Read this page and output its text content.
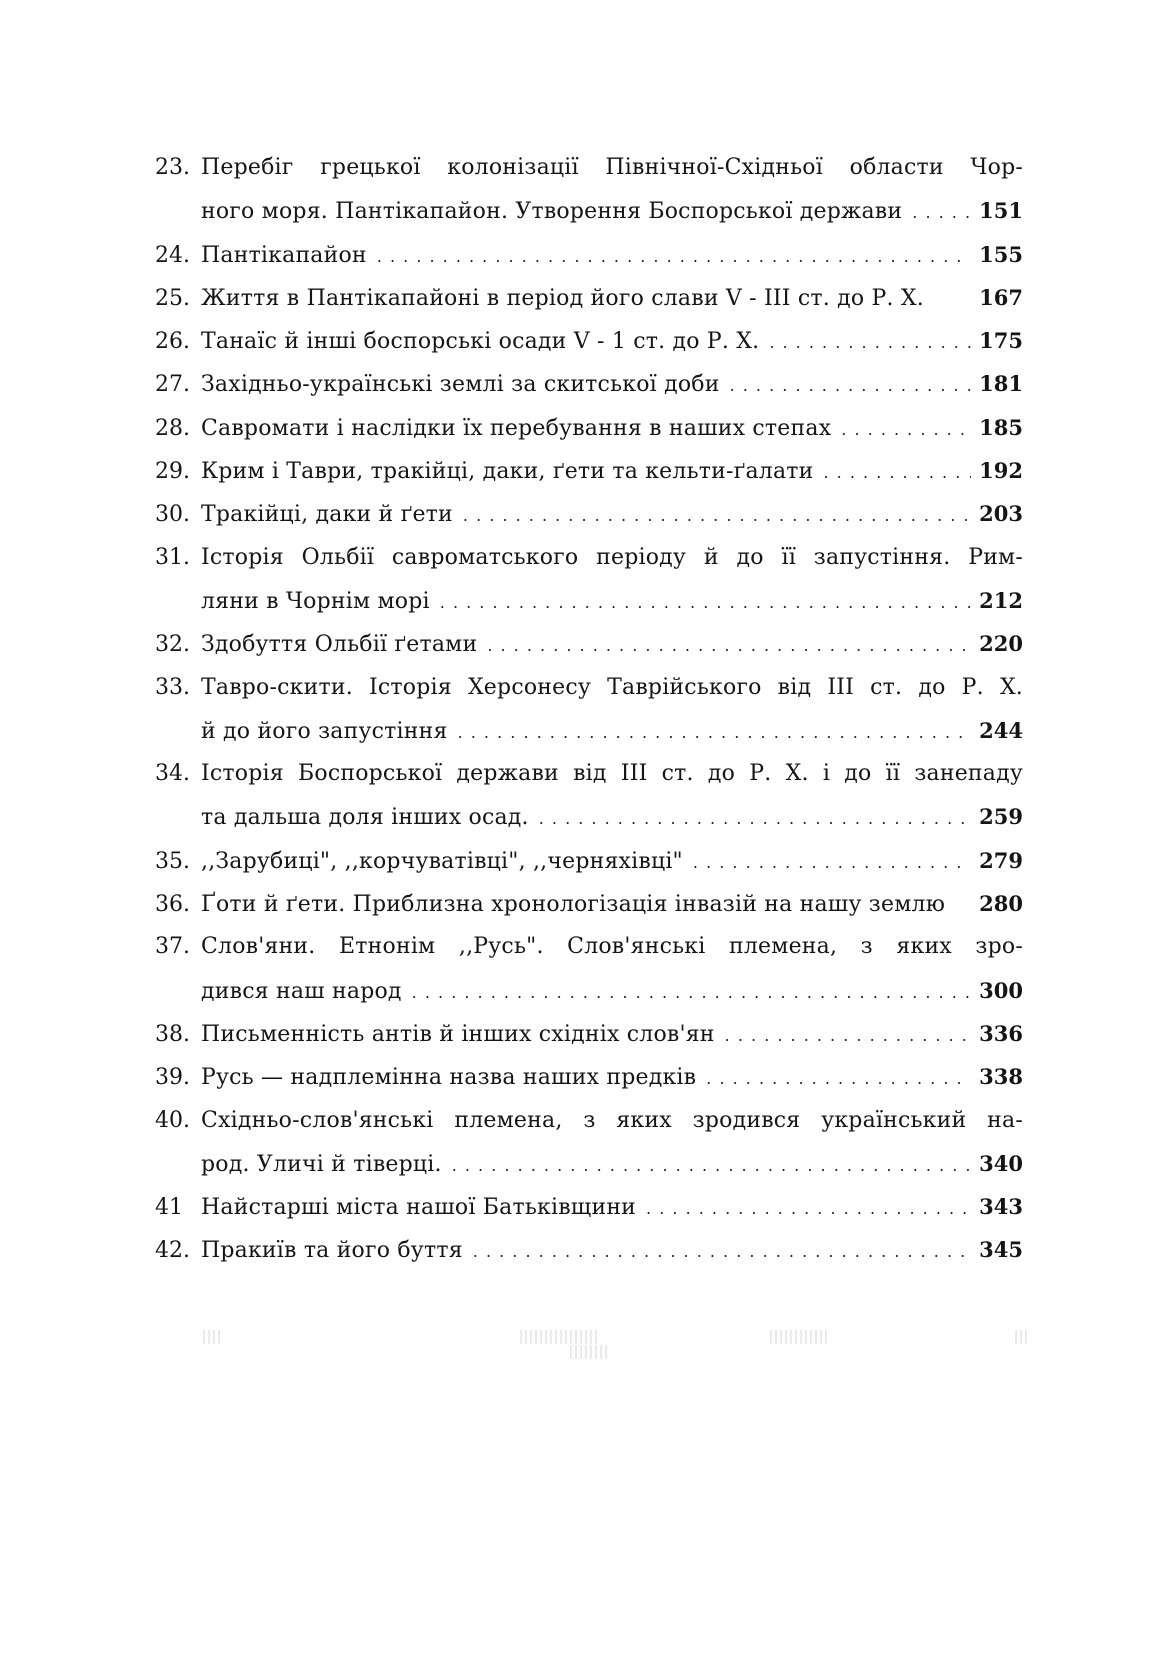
23. Перебіг грецької колонізації Північної-Східньої области Чор-
ного моря. Пантікапайон. Утворення Боспорської держави . . .	151
24. Пантікапайон . . .	155
25. Життя в Пантікапайоні в період його слави V - III ст. до Р. Х.	167
26. Танаїс й інші боспорські осади V - 1 ст. до Р. Х. . . .	175
27. Західньо-українські землі за скитської доби . . .	181
28. Савромати і наслідки їх перебування в наших степах . . .	185
29. Крим і Таври, тракійці, даки, ґети та кельти-ґалати . . .	192
30. Тракійці, даки й ґети . . .	203
31. Історія Ольбії савроматського періоду й до її запустіння. Рим-
ляни в Чорнім морі . . .	212
32. Здобуття Ольбії ґетами . . .	220
33. Тавро-скити. Історія Херсонесу Таврійського від III ст. до Р. Х.
й до його запустіння . . .	244
34. Історія Боспорської держави від III ст. до Р. Х. і до її занепаду
та дальша доля інших осад. . . .	259
35. ,,Зарубиці", ,,корчуватівці", ,,черняхівці" . . .	279
36. Ґоти й ґети. Приблизна хронологізація інвазій на нашу землю 280
37. Слов'яни. Етнонім ,,Русь". Слов'янські племена, з яких зро-
дився наш народ . . .	300
38. Письменність антів й інших східніх слов'ян . . .	336
39. Русь — надплемінна назва наших предків . . .	338
40. Східньо-слов'янські племена, з яких зродився український на-
род. Уличі й тіверці. . . .	340
41 Найстарші міста нашої Батьківщини . . .	343
42. Пракиїв та його буття . . .	345
